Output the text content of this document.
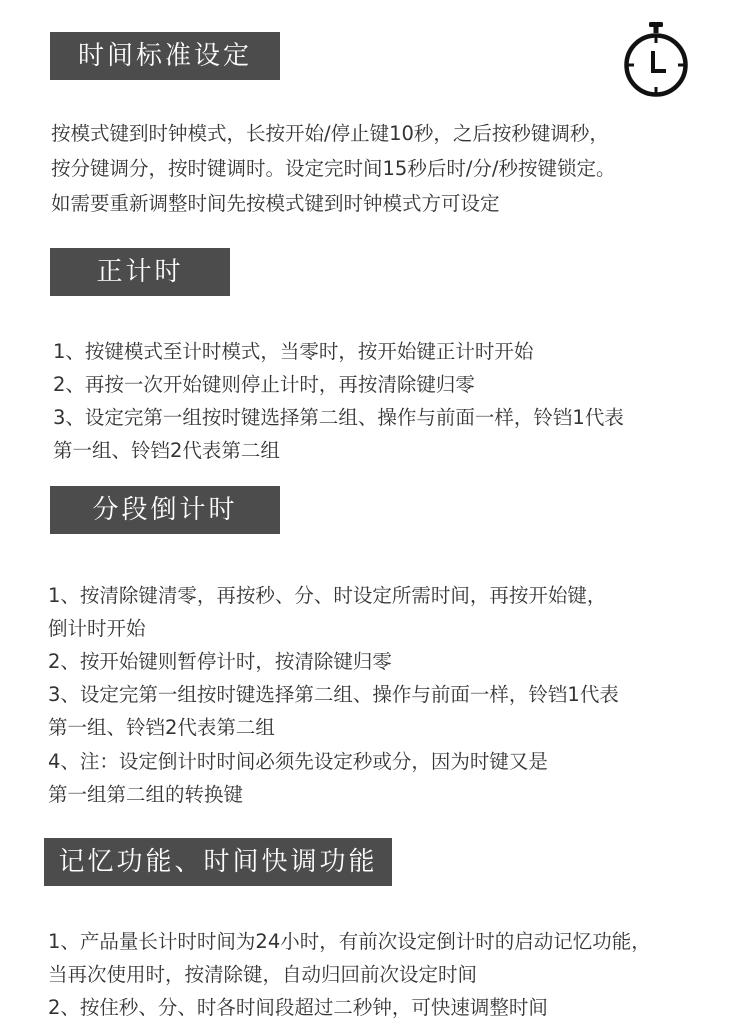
时间标准设定
按模式键到时钟模式，长按开始/停止键10秒，之后按秒键调秒，
按分键调分，按时键调时。设定完时间15秒后时/分/秒按键锁定。
如需要重新调整时间先按模式键到时钟模式方可设定
正计时
1、按键模式至计时模式，当零时，按开始键正计时开始
2、再按一次开始键则停止计时，再按清除键归零
3、设定完第一组按时键选择第二组、操作与前面一样，铃铛1代表
第一组、铃铛2代表第二组
分段倒计时
1、按清除键清零，再按秒、分、时设定所需时间，再按开始键，
倒计时开始
2、按开始键则暂停计时，按清除键归零
3、设定完第一组按时键选择第二组、操作与前面一样，铃铛1代表
第一组、铃铛2代表第二组
4、注：设定倒计时时间必须先设定秒或分，因为时键又是
第一组第二组的转换键
记忆功能、时间快调功能
1、产品量长计时时间为24小时，有前次设定倒计时的启动记忆功能，
当再次使用时，按清除键，自动归回前次设定时间
2、按住秒、分、时各时间段超过二秒钟，可快速调整时间
